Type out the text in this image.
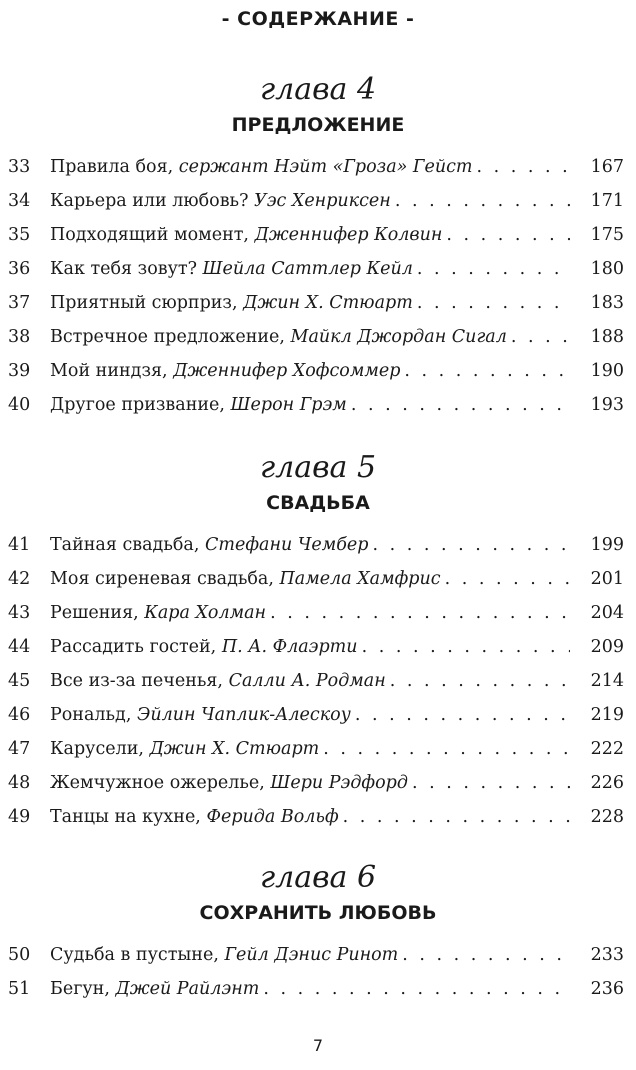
- СОДЕРЖАНИЕ -
глава 4
ПРЕДЛОЖЕНИЕ
33	Правила боя, сержант Нэйт «Гроза» Гейст . . .	167
34	Карьера или любовь? Уэс Хенриксен . . .	171
35	Подходящий момент, Дженнифер Колвин . . .	175
36	Как тебя зовут? Шейла Саттлер Кейл . . .	180
37	Приятный сюрприз, Джин Х. Стюарт . . .	183
38	Встречное предложение, Майкл Джордан Сигал . . .	188
39	Мой ниндзя, Дженнифер Хофсоммер . . .	190
40	Другое призвание, Шерон Грэм . . .	193
глава 5
СВАДЬБА
41	Тайная свадьба, Стефани Чембер . . .	199
42	Моя сиреневая свадьба, Памела Хамфрис . . .	201
43	Решения, Кара Холман . . .	204
44	Рассадить гостей, П. А. Флаэрти . . .	209
45	Все из-за печенья, Салли А. Родман . . .	214
46	Рональд, Эйлин Чаплик-Алескоу . . .	219
47	Карусели, Джин Х. Стюарт . . .	222
48	Жемчужное ожерелье, Шери Рэдфорд . . .	226
49	Танцы на кухне, Ферида Вольф . . .	228
глава 6
СОХРАНИТЬ ЛЮБОВЬ
50	Судьба в пустыне, Гейл Дэнис Ринот . . .	233
51	Бегун, Джей Райлэнт . . .	236
7
